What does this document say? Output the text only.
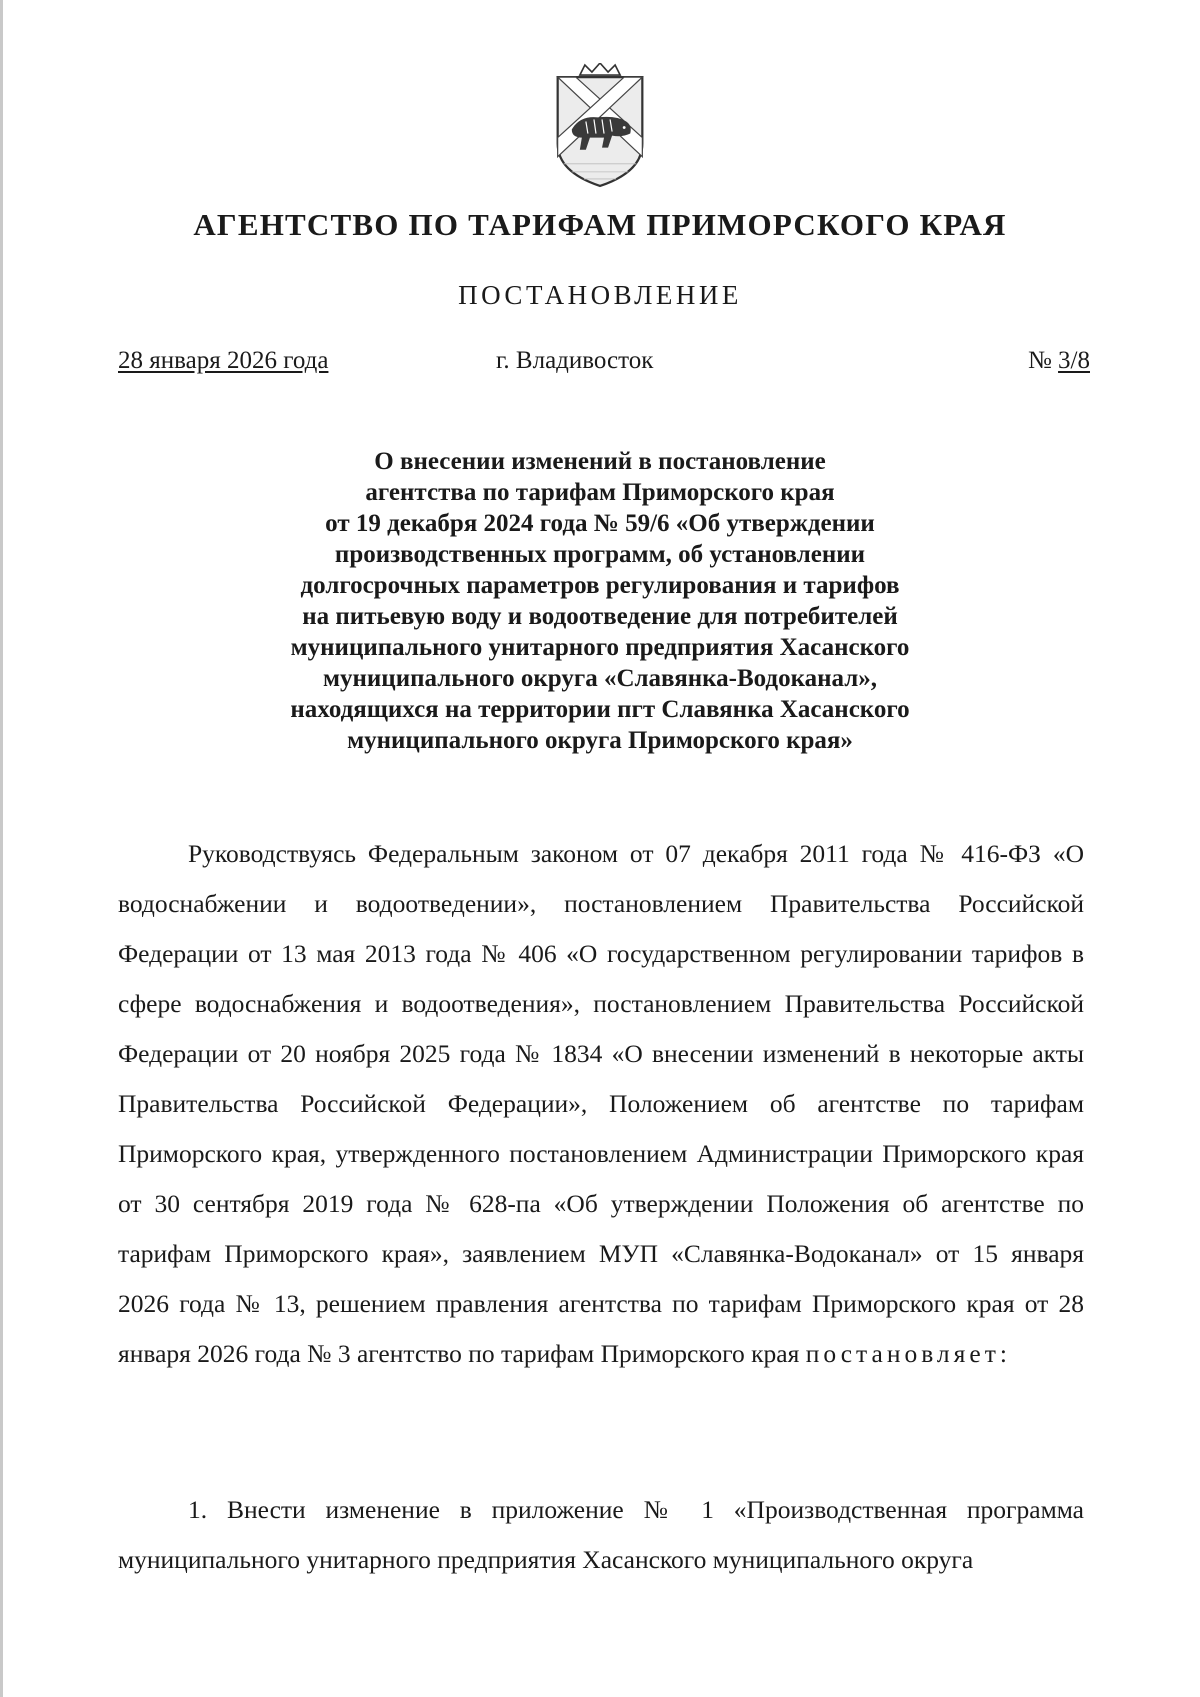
АГЕНТСТВО ПО ТАРИФАМ ПРИМОРСКОГО КРАЯ
ПОСТАНОВЛЕНИЕ
28 января 2026 года	г. Владивосток	№ 3/8
О внесении изменений в постановление
агентства по тарифам Приморского края
от 19 декабря 2024 года № 59/6 «Об утверждении
производственных программ, об установлении
долгосрочных параметров регулирования и тарифов
на питьевую воду и водоотведение для потребителей
муниципального унитарного предприятия Хасанского
муниципального округа «Славянка-Водоканал»,
находящихся на территории пгт Славянка Хасанского
муниципального округа Приморского края»

Руководствуясь Федеральным законом от 07 декабря 2011 года № 416-ФЗ «О водоснабжении и водоотведении», постановлением Правительства Российской Федерации от 13 мая 2013 года № 406 «О государственном регулировании тарифов в сфере водоснабжения и водоотведения», постановлением Правительства Российской Федерации от 20 ноября 2025 года № 1834 «О внесении изменений в некоторые акты Правительства Российской Федерации», Положением об агентстве по тарифам Приморского края, утвержденного постановлением Администрации Приморского края от 30 сентября 2019 года № 628-па «Об утверждении Положения об агентстве по тарифам Приморского края», заявлением МУП «Славянка-Водоканал» от 15 января 2026 года № 13, решением правления агентства по тарифам Приморского края от 28 января 2026 года № 3 агентство по тарифам Приморского края постановляет:

1. Внести изменение в приложение № 1 «Производственная программа муниципального унитарного предприятия Хасанского муниципального округа
